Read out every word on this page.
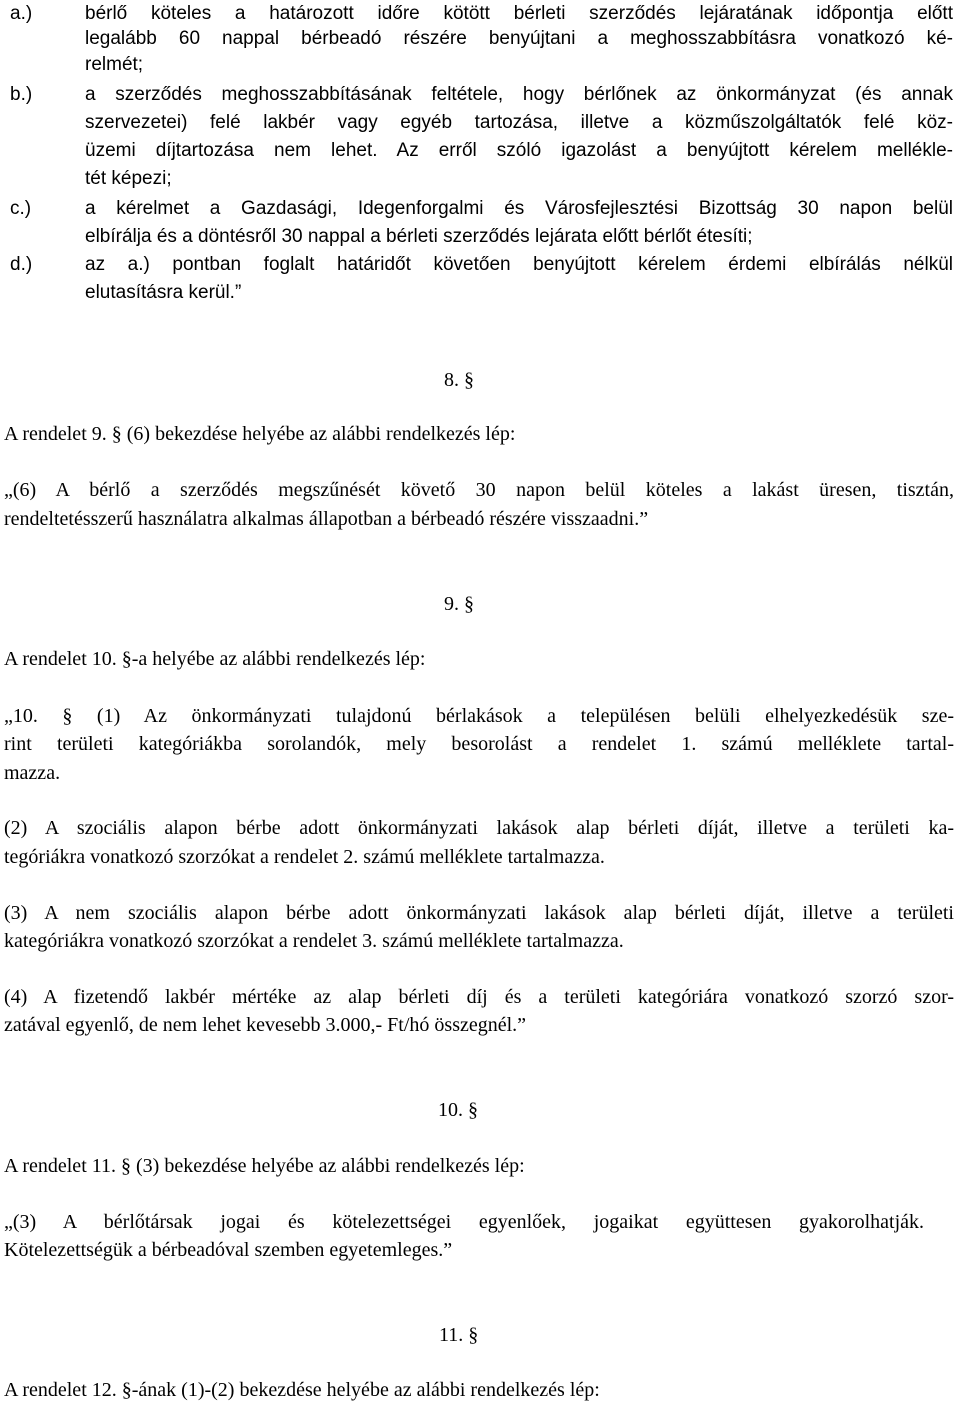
a.)	bérlő köteles a határozott időre kötött bérleti szerződés lejáratának időpontja előtt
legalább 60 nappal bérbeadó részére benyújtani a meghosszabbításra vonatkozó ké-
relmét;
b.)	a szerződés meghosszabbításának feltétele, hogy bérlőnek az önkormányzat (és annak
szervezetei) felé lakbér vagy egyéb tartozása, illetve a közműszolgáltatók felé köz-
üzemi díjtartozása nem lehet. Az erről szóló igazolást a benyújtott kérelem mellékle-
tét képezi;
c.)	a kérelmet a Gazdasági, Idegenforgalmi és Városfejlesztési Bizottság 30 napon belül
elbírálja és a döntésről 30 nappal a bérleti szerződés lejárata előtt bérlőt étesíti;
d.)	az a.) pontban foglalt határidőt követően benyújtott kérelem érdemi elbírálás nélkül
elutasításra kerül.”
8. §
A rendelet 9. § (6) bekezdése helyébe az alábbi rendelkezés lép:
„(6) A bérlő a szerződés megszűnését követő 30 napon belül köteles a lakást üresen, tisztán,
rendeltetésszerű használatra alkalmas állapotban a bérbeadó részére visszaadni.”
9. §
A rendelet 10. §-a helyébe az alábbi rendelkezés lép:
„10. § (1) Az önkormányzati tulajdonú bérlakások a településen belüli elhelyezkedésük sze-
rint területi kategóriákba sorolandók, mely besorolást a rendelet 1. számú melléklete tartal-
mazza.
(2) A szociális alapon bérbe adott önkormányzati lakások alap bérleti díját, illetve a területi ka-
tegóriákra vonatkozó szorzókat a rendelet 2. számú melléklete tartalmazza.
(3) A nem szociális alapon bérbe adott önkormányzati lakások alap bérleti díját, illetve a területi
kategóriákra vonatkozó szorzókat a rendelet 3. számú melléklete tartalmazza.
(4) A fizetendő lakbér mértéke az alap bérleti díj és a területi kategóriára vonatkozó szorzó szor-
zatával egyenlő, de nem lehet kevesebb 3.000,- Ft/hó összegnél.”
10. §
A rendelet 11. § (3) bekezdése helyébe az alábbi rendelkezés lép:
„(3) A bérlőtársak jogai és kötelezettségei egyenlőek, jogaikat együttesen gyakorolhatják.
Kötelezettségük a bérbeadóval szemben egyetemleges.”
11. §
A rendelet 12. §-ának (1)-(2) bekezdése helyébe az alábbi rendelkezés lép:
